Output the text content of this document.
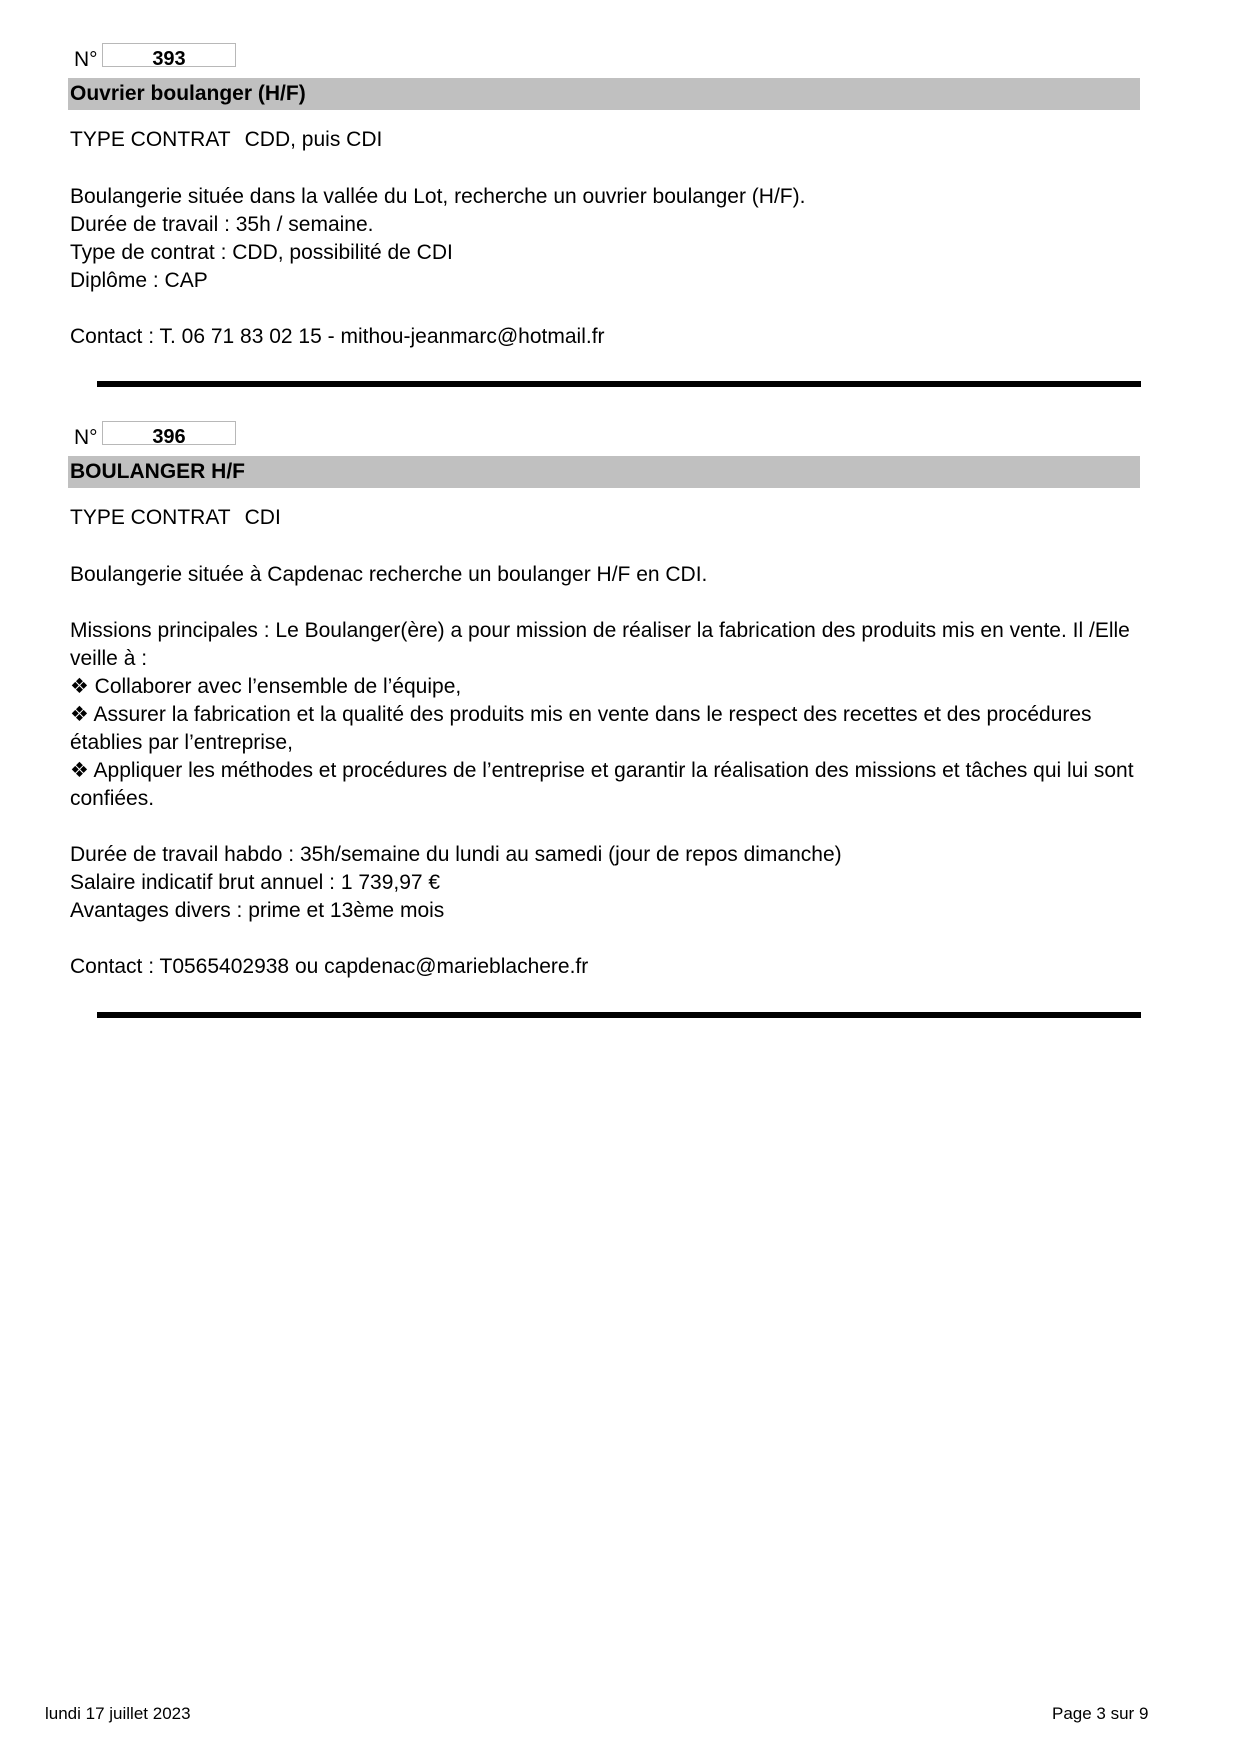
N°	393
Ouvrier boulanger (H/F)
TYPE CONTRAT CDD, puis CDI
Boulangerie située dans la vallée du Lot, recherche un ouvrier boulanger (H/F).
Durée de travail : 35h / semaine.
Type de contrat : CDD, possibilité de CDI
Diplôme : CAP
Contact : T. 06 71 83 02 15 - mithou-jeanmarc@hotmail.fr
N°	396
BOULANGER H/F
TYPE CONTRAT CDI
Boulangerie située à Capdenac recherche un boulanger H/F en CDI.
Missions principales : Le Boulanger(ère) a pour mission de réaliser la fabrication des produits mis en vente. Il /Elle veille à :
❖ Collaborer avec l’ensemble de l’équipe,
❖ Assurer la fabrication et la qualité des produits mis en vente dans le respect des recettes et des procédures établies par l’entreprise,
❖ Appliquer les méthodes et procédures de l’entreprise et garantir la réalisation des missions et tâches qui lui sont confiées.
Durée de travail habdo : 35h/semaine du lundi au samedi (jour de repos dimanche)
Salaire indicatif brut annuel : 1 739,97 €
Avantages divers : prime et 13ème mois
Contact : T0565402938 ou capdenac@marieblachere.fr
lundi 17 juillet 2023	Page 3 sur 9
